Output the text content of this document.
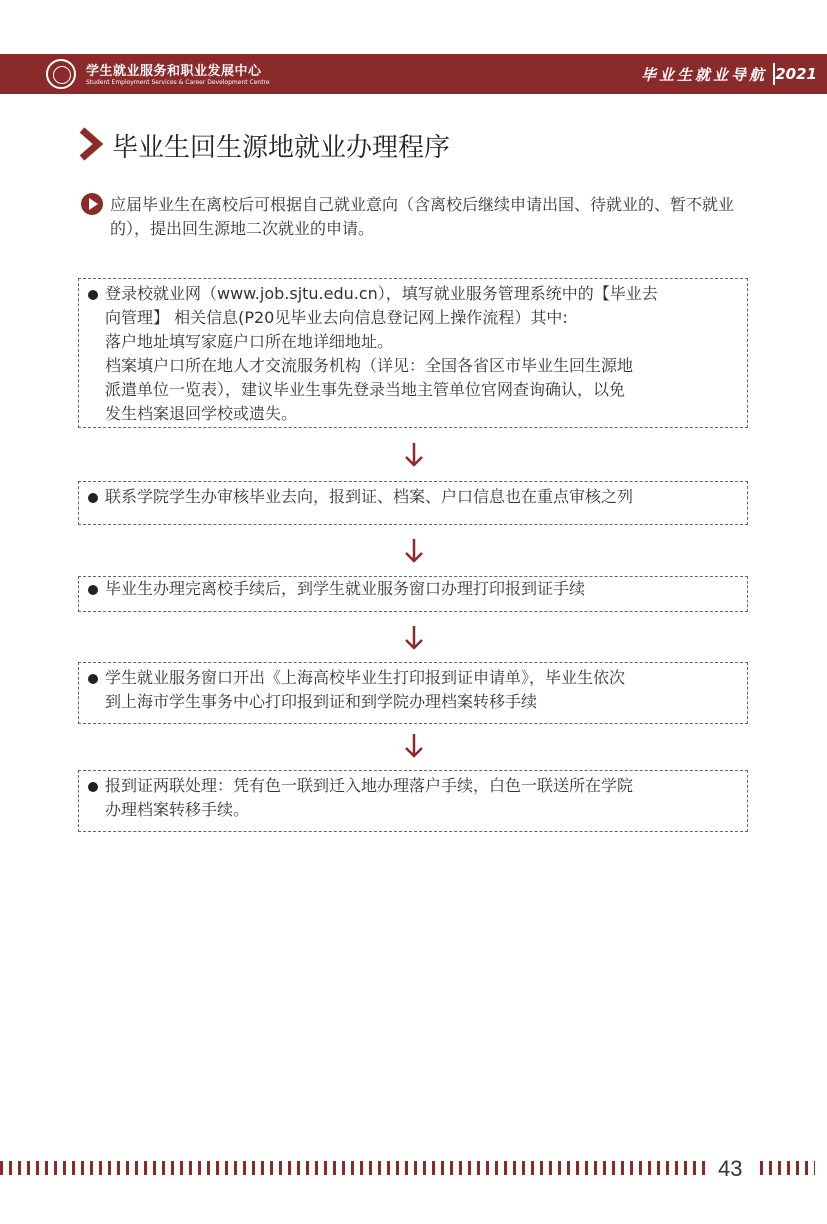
学生就业服务和职业发展中心
Student Employment Services & Career Development Centre	毕业生就业导航 2021
毕业生回生源地就业办理程序
应届毕业生在离校后可根据自己就业意向（含离校后继续申请出国、待就业的、暂不就业的），提出回生源地二次就业的申请。
登录校就业网（www.job.sjtu.edu.cn），填写就业服务管理系统中的【毕业去
向管理】 相关信息(P20见毕业去向信息登记网上操作流程）其中:
落户地址填写家庭户口所在地详细地址。
档案填户口所在地人才交流服务机构（详见：全国各省区市毕业生回生源地
派遣单位一览表），建议毕业生事先登录当地主管单位官网查询确认，以免
发生档案退回学校或遗失。
联系学院学生办审核毕业去向，报到证、档案、户口信息也在重点审核之列
毕业生办理完离校手续后，到学生就业服务窗口办理打印报到证手续
学生就业服务窗口开出《上海高校毕业生打印报到证申请单》，毕业生依次
到上海市学生事务中心打印报到证和到学院办理档案转移手续
报到证两联处理：凭有色一联到迁入地办理落户手续，白色一联送所在学院
办理档案转移手续。
43
